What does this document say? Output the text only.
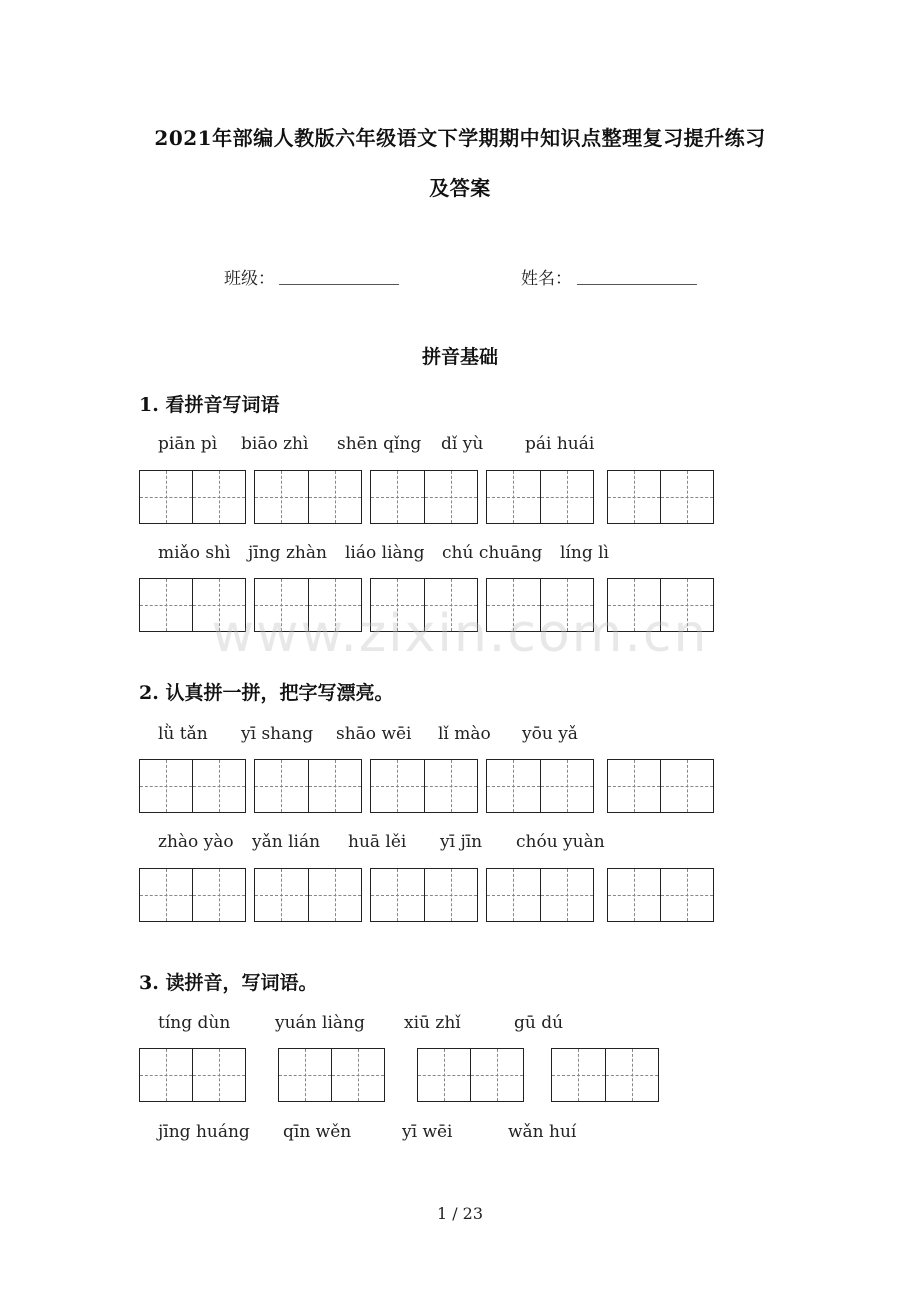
2021年部编人教版六年级语文下学期期中知识点整理复习提升练习
及答案
班级：	姓名：
拼音基础
1. 看拼音写词语
piān pì biāo zhì shēn qǐng dǐ yù pái huái
miǎo shì jīng zhàn liáo liàng chú chuāng líng lì
www.zixin.com.cn
2. 认真拼一拼，把字写漂亮。
lǜ tǎn yī shang shāo wēi lǐ mào yōu yǎ
zhào yào yǎn lián huā lěi yī jīn chóu yuàn
3. 读拼音，写词语。
tíng dùn	yuán liàng xiū zhǐ	gū dú
jīng huáng qīn wěn	yī wēi	wǎn huí
1 / 23
